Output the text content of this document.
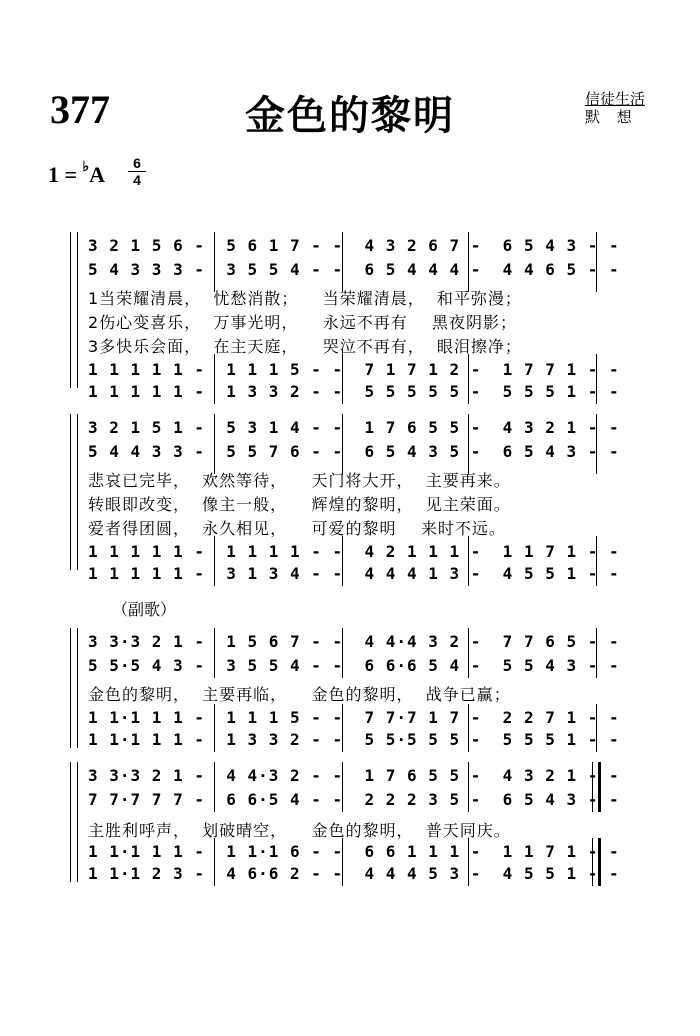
377	金色的黎明	信徒生活
默 想
1 = ♭A	6
4
3 2 1 5 6 -  5 6 1 7 - -  4 3 2 6 7 -  6 5 4 3 - -
5 4 3 3 3 -  3 5 5 4 - -  6 5 4 4 4 -  4 4 6 5 - -
1当荣耀清晨，  忧愁消散；    当荣耀清晨，  和平弥漫；
2伤心变喜乐，  万事光明，    永远不再有    黑夜阴影；
3多快乐会面，  在主天庭，    哭泣不再有，  眼泪擦净；
1 1 1 1 1 -  1 1 1 5 - -  7 1 7 1 2 -  1 7 7 1 - -
1 1 1 1 1 -  1 3 3 2 - -  5 5 5 5 5 -  5 5 5 1 - -
3 2 1 5 1 -  5 3 1 4 - -  1 7 6 5 5 -  4 3 2 1 - -
5 4 4 3 3 -  5 5 7 6 - -  6 5 4 3 5 -  6 5 4 3 - -
悲哀已完毕，  欢然等待，    天门将大开，  主要再来。
转眼即改变，  像主一般，    辉煌的黎明，  见主荣面。
爱者得团圆，  永久相见，    可爱的黎明    来时不远。
1 1 1 1 1 -  1 1 1 1 - -  4 2 1 1 1 -  1 1 7 1 - -
1 1 1 1 1 -  3 1 3 4 - -  4 4 4 1 3 -  4 5 5 1 - -
（副歌）
3 3·3 2 1 -  1 5 6 7 - -  4 4·4 3 2 -  7 7 6 5 - -
5 5·5 4 3 -  3 5 5 4 - -  6 6·6 5 4 -  5 5 4 3 - -
金色的黎明，  主要再临，    金色的黎明，  战争已赢；
1 1·1 1 1 -  1 1 1 5 - -  7 7·7 1 7 -  2 2 7 1 - -
1 1·1 1 1 -  1 3 3 2 - -  5 5·5 5 5 -  5 5 5 1 - -
3 3·3 2 1 -  4 4·3 2 - -  1 7 6 5 5 -  4 3 2 1 - -
7 7·7 7 7 -  6 6·5 4 - -  2 2 2 3 5 -  6 5 4 3 - -
主胜利呼声，  划破晴空，    金色的黎明，  普天同庆。
1 1·1 1 1 -  1 1·1 6 - -  6 6 1 1 1 -  1 1 7 1 - -
1 1·1 2 3 -  4 6·6 2 - -  4 4 4 5 3 -  4 5 5 1 - -
